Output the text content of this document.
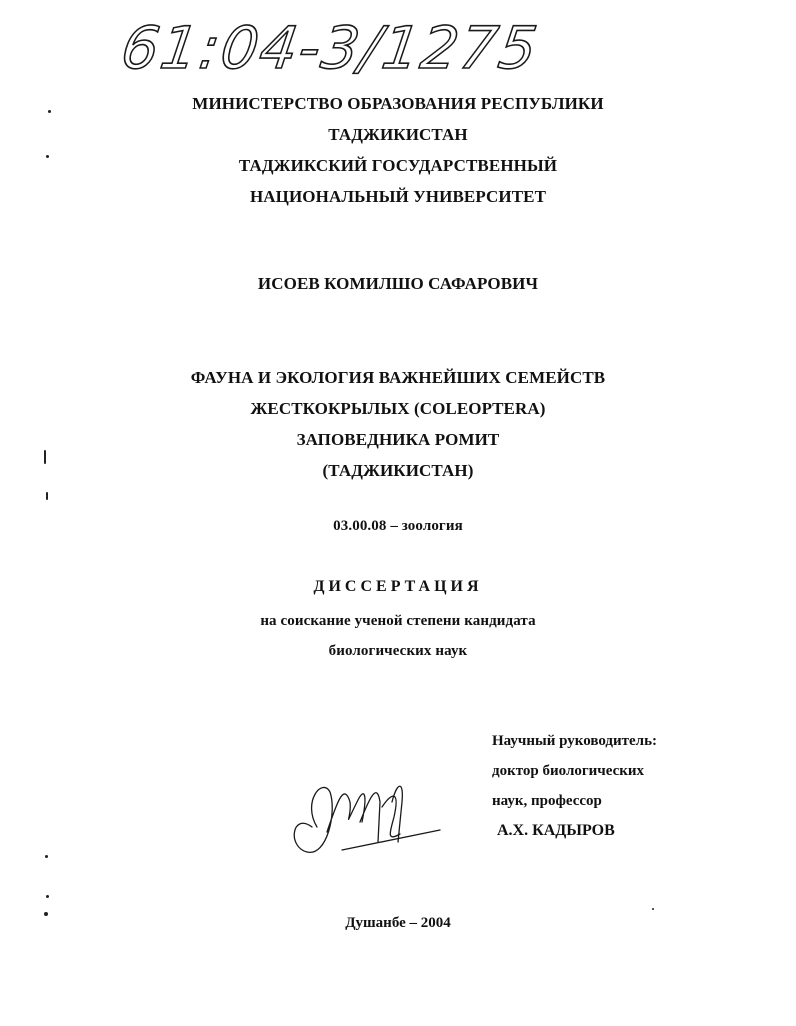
61:04-3/1275
МИНИСТЕРСТВО ОБРАЗОВАНИЯ РЕСПУБЛИКИ
ТАДЖИКИСТАН
ТАДЖИКСКИЙ ГОСУДАРСТВЕННЫЙ
НАЦИОНАЛЬНЫЙ УНИВЕРСИТЕТ
ИСОЕВ КОМИЛШО САФАРОВИЧ
ФАУНА И ЭКОЛОГИЯ ВАЖНЕЙШИХ СЕМЕЙСТВ
ЖЕСТКОКРЫЛЫХ (COLEOPTERA)
ЗАПОВЕДНИКА РОМИТ
(ТАДЖИКИСТАН)
03.00.08 – зоология
ДИССЕРТАЦИЯ
на соискание ученой степени кандидата
биологических наук
Научный руководитель:
доктор биологических
наук, профессор
А.Х. КАДЫРОВ
Душанбе – 2004
